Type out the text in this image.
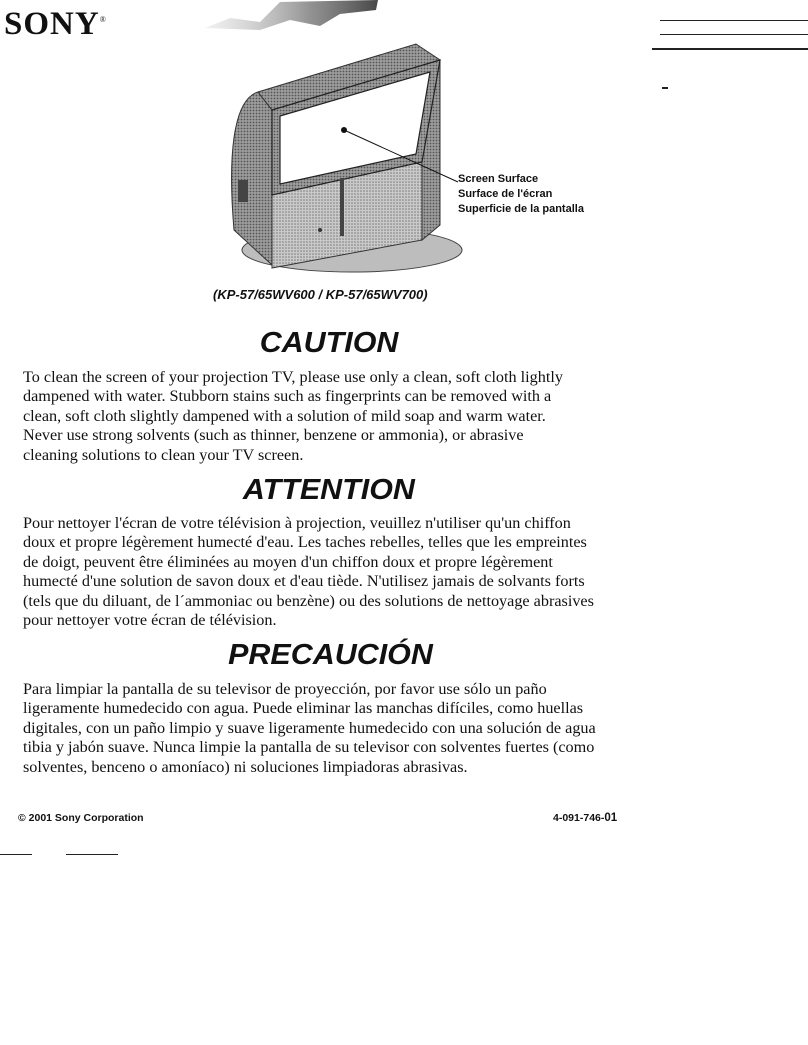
SONY®
Screen Surface
Surface de l'écran
Superficie de la pantalla
(KP-57/65WV600 / KP-57/65WV700)
CAUTION
To clean the screen of your projection TV, please use only a clean, soft cloth lightly
dampened with water. Stubborn stains such as fingerprints can be removed with a
clean, soft cloth slightly dampened with a solution of mild soap and warm water.
Never use strong solvents (such as thinner, benzene or ammonia), or abrasive
cleaning solutions to clean your TV screen.
ATTENTION
Pour nettoyer l'écran de votre télévision à projection, veuillez n'utiliser qu'un chiffon
doux et propre légèrement humecté d'eau. Les taches rebelles, telles que les empreintes
de doigt, peuvent être éliminées au moyen d'un chiffon doux et propre légèrement
humecté d'une solution de savon doux et d'eau tiède. N'utilisez jamais de solvants forts
(tels que du diluant, de l´ammoniac ou benzène) ou des solutions de nettoyage abrasives
pour nettoyer votre écran de télévision.
PRECAUCIÓN
Para limpiar la pantalla de su televisor de proyección, por favor use sólo un paño
ligeramente humedecido con agua. Puede eliminar las manchas difíciles, como huellas
digitales, con un paño limpio y suave ligeramente humedecido con una solución de agua
tibia y jabón suave. Nunca limpie la pantalla de su televisor con solventes fuertes (como
solventes, benceno o amoníaco) ni soluciones limpiadoras abrasivas.
© 2001 Sony Corporation	4-091-746-01
